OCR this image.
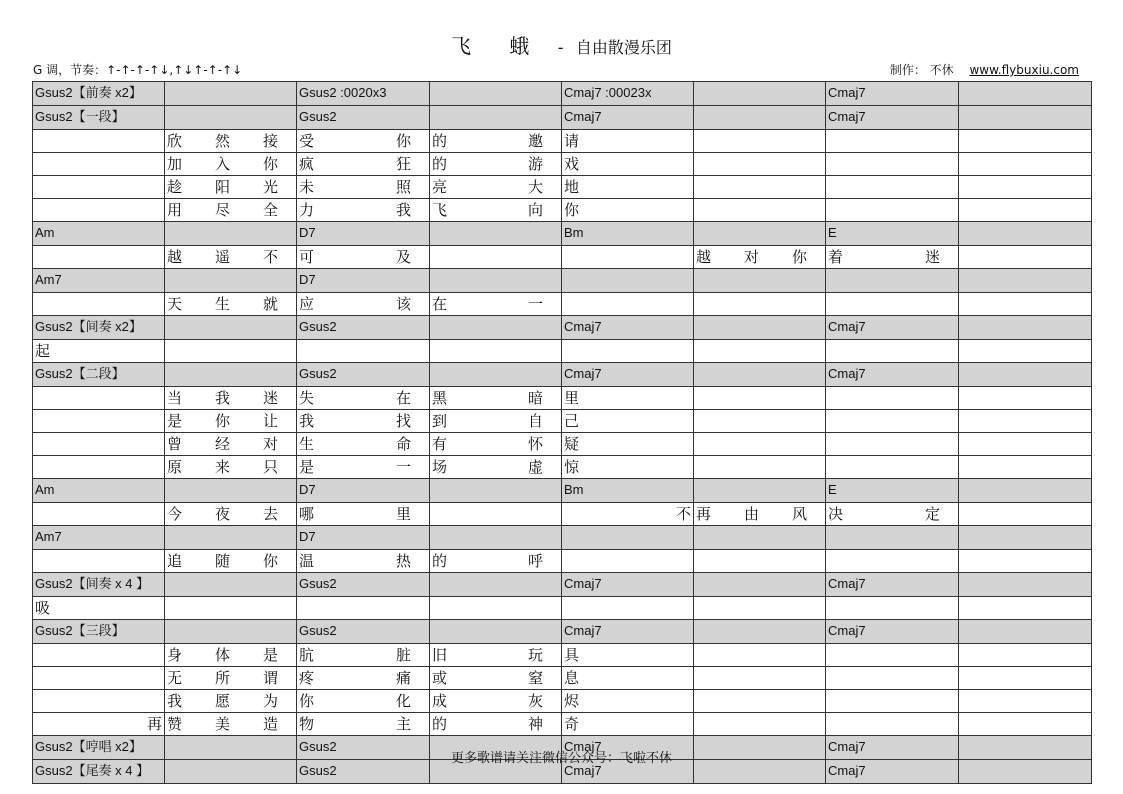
飞 蛾 - 自由散漫乐团
G 调，节奏：↑-↑-↑-↑↓,↑↓↑-↑-↑↓	制作： 不休 www.flybuxiu.com
Gsus2【前奏 x2】		Gsus2 :0020x3		Cmaj7 :00023x		Cmaj7	
Gsus2【一段】		Gsus2		Cmaj7		Cmaj7	

	欣 然 接	受 你	的 邀	请			

	加 入 你	疯 狂	的 游	戏			

	趁 阳 光	未 照	亮 大	地			

	用 尽 全	力 我	飞 向	你			

Am		D7		Bm		E	

	越 遥 不	可 及			越 对 你	着 迷	

Am7		D7					

	天 生 就	应 该	在 一				

Gsus2【间奏 x2】		Gsus2		Cmaj7		Cmaj7	

起							

Gsus2【二段】		Gsus2		Cmaj7		Cmaj7	

	当 我 迷	失 在	黑 暗	里			

	是 你 让	我 找	到 自	己			

	曾 经 对	生 命	有 怀	疑			

	原 来 只	是 一	场 虚	惊			

Am		D7		Bm		E	

	今 夜 去	哪 里		不	再 由 风	决 定	

Am7		D7					

	追 随 你	温 热	的 呼				

Gsus2【间奏 x 4 】		Gsus2		Cmaj7		Cmaj7	

吸							

Gsus2【三段】		Gsus2		Cmaj7		Cmaj7	

	身 体 是	肮 脏	旧 玩	具			

	无 所 谓	疼 痛	或 窒	息			

	我 愿 为	你 化	成 灰	烬			

再	赞 美 造	物 主	的 神	奇			

Gsus2【哼唱 x2】		Gsus2		Cmaj7		Cmaj7	
Gsus2【尾奏 x 4 】		Gsus2		Cmaj7		Cmaj7	
更多歌谱请关注微信公众号：飞啦不休
